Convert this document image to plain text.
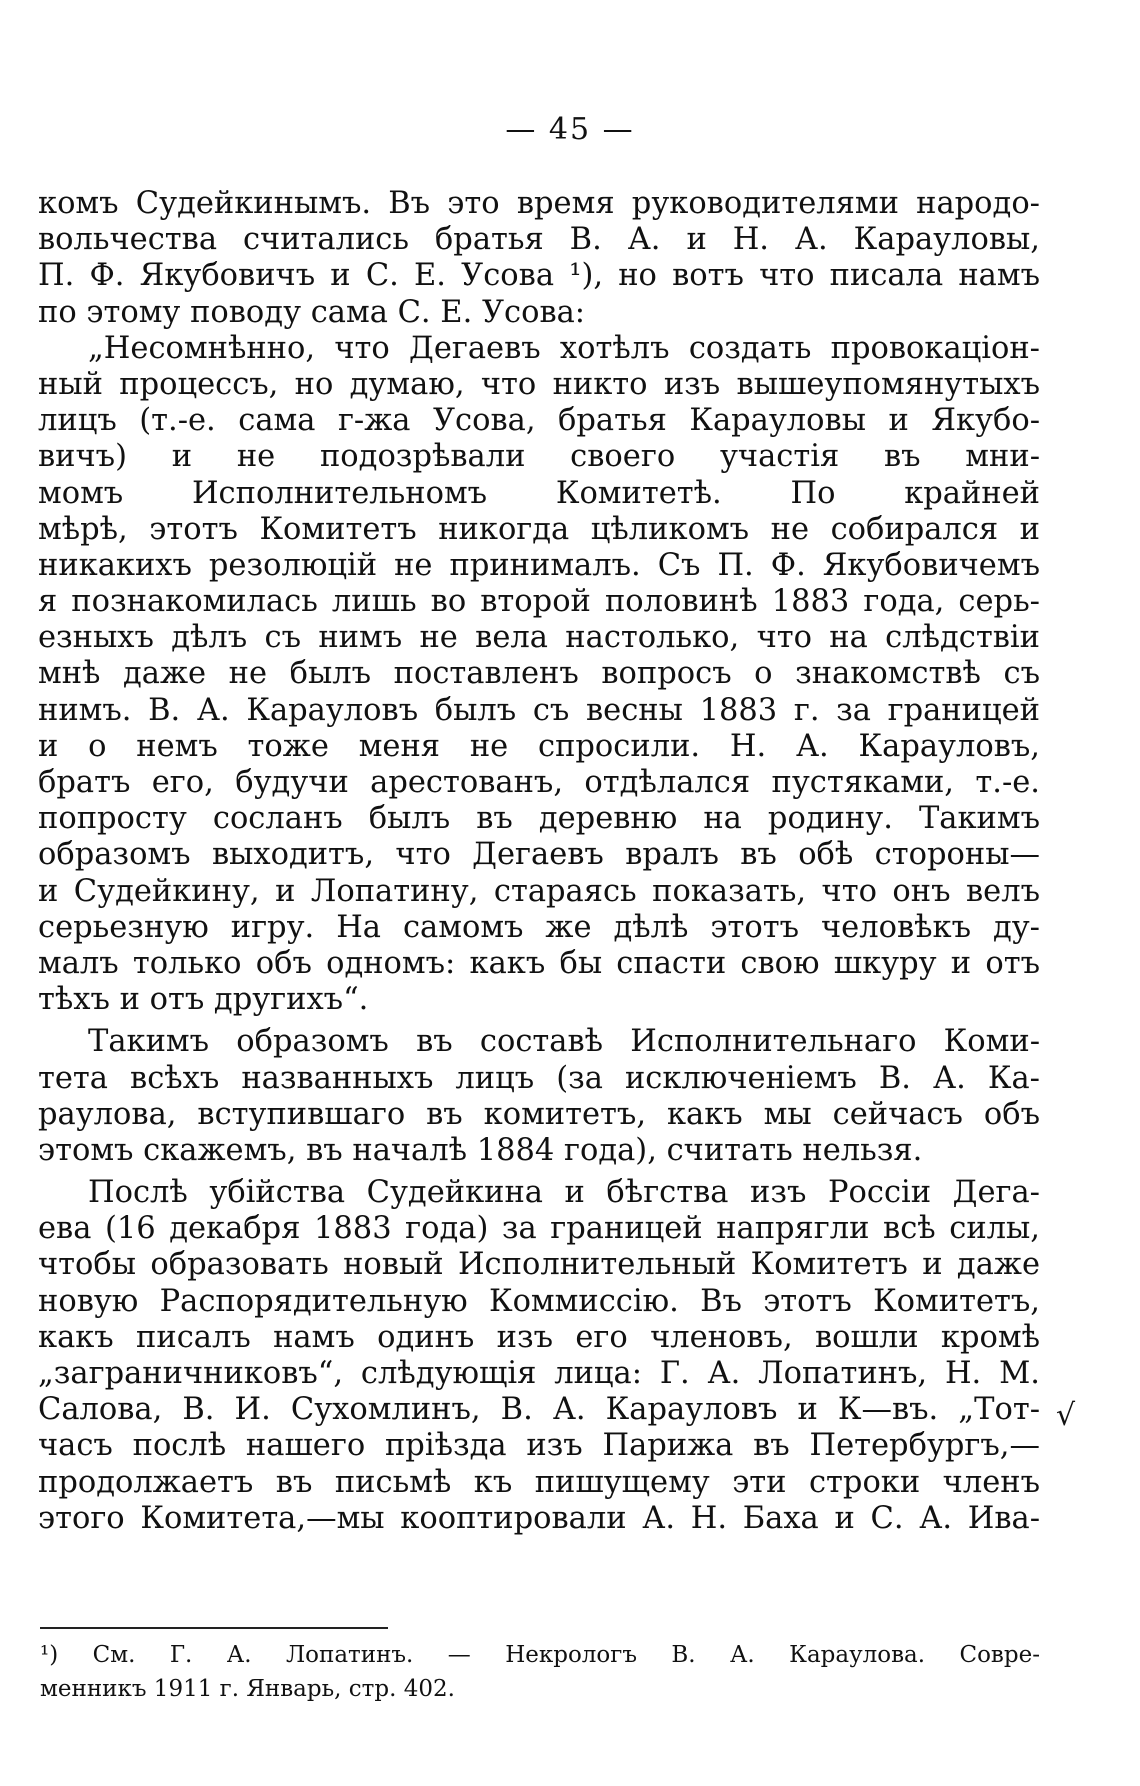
— 45 —
комъ Судейкинымъ. Въ это время руководителями народо-
вольчества считались братья В. А. и Н. А. Карауловы,
П. Ф. Якубовичъ и С. Е. Усова ¹), но вотъ что писала намъ
по этому поводу сама С. Е. Усова:
„Несомнѣнно, что Дегаевъ хотѣлъ создать провокаціон-
ный процессъ, но думаю, что никто изъ вышеупомянутыхъ
лицъ (т.-е. сама г-жа Усова, братья Карауловы и Якубо-
вичъ) и не подозрѣвали своего участія въ мни-
момъ Исполнительномъ Комитетѣ. По крайней
мѣрѣ, этотъ Комитетъ никогда цѣликомъ не собирался и
никакихъ резолюцій не принималъ. Съ П. Ф. Якубовичемъ
я познакомилась лишь во второй половинѣ 1883 года, серь-
езныхъ дѣлъ съ нимъ не вела настолько, что на слѣдствіи
мнѣ даже не былъ поставленъ вопросъ о знакомствѣ съ
нимъ. В. А. Карауловъ былъ съ весны 1883 г. за границей
и о немъ тоже меня не спросили. Н. А. Карауловъ,
братъ его, будучи арестованъ, отдѣлался пустяками, т.-е.
попросту сосланъ былъ въ деревню на родину. Такимъ
образомъ выходитъ, что Дегаевъ вралъ въ обѣ стороны—
и Судейкину, и Лопатину, стараясь показать, что онъ велъ
серьезную игру. На самомъ же дѣлѣ этотъ человѣкъ ду-
малъ только объ одномъ: какъ бы спасти свою шкуру и отъ
тѣхъ и отъ другихъ“.
Такимъ образомъ въ составѣ Исполнительнаго Коми-
тета всѣхъ названныхъ лицъ (за исключеніемъ В. А. Ка-
раулова, вступившаго въ комитетъ, какъ мы сейчасъ объ
этомъ скажемъ, въ началѣ 1884 года), считать нельзя.
Послѣ убійства Судейкина и бѣгства изъ Россіи Дега-
ева (16 декабря 1883 года) за границей напрягли всѣ силы,
чтобы образовать новый Исполнительный Комитетъ и даже
новую Распорядительную Коммиссію. Въ этотъ Комитетъ,
какъ писалъ намъ одинъ изъ его членовъ, вошли кромѣ
„заграничниковъ“, слѣдующія лица: Г. А. Лопатинъ, Н. М.
Салова, В. И. Сухомлинъ, В. А. Карауловъ и К—въ. „Тот-
часъ послѣ нашего пріѣзда изъ Парижа въ Петербургъ,—
продолжаетъ въ письмѣ къ пишущему эти строки членъ
этого Комитета,—мы кооптировали А. Н. Баха и С. А. Ива-
√
¹) См. Г. А. Лопатинъ. — Некрологъ В. А. Караулова. Совре-
менникъ 1911 г. Январь, стр. 402.
